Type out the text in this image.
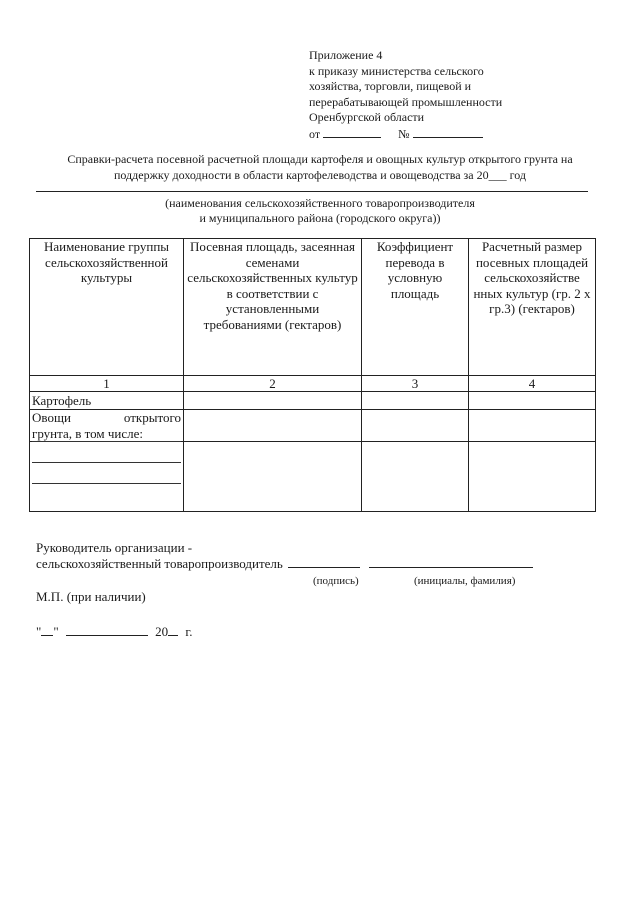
Приложение 4
к приказу министерства сельского
хозяйства, торговли, пищевой и
перерабатывающей промышленности
Оренбургской области
от	№
Справки-расчета посевной расчетной площади картофеля и овощных культур открытого грунта на
поддержку доходности в области картофелеводства и овощеводства за 20___ год
(наименования сельскохозяйственного товаропроизводителя
и муниципального района (городского округа))
Наименование группы сельскохозяйственной культуры	Посевная площадь, засеянная семенами сельскохозяйственных культур в соответствии с установленными требованиями (гектаров)	Коэффициент перевода в условную площадь	Расчетный размер посевных площадей сельскохозяйстве нных культур (гр. 2 х гр.3) (гектаров)
1	2	3	4
Картофель			

Овощи открытого
грунта, в том числе:			

Руководитель организации -
сельскохозяйственный товаропроизводитель
(подпись)	(инициалы, фамилия)
М.П. (при наличии)
" "	20 г.
